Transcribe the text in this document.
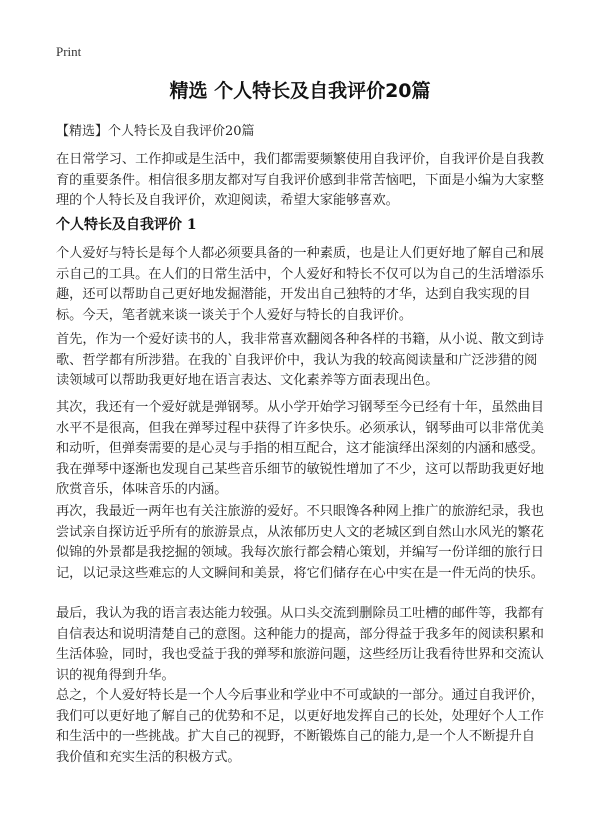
Print
精选 个人特长及自我评价20篇
【精选】个人特长及自我评价20篇

在日常学习、工作抑或是生活中，我们都需要频繁使用自我评价，自我评价是自我教育的重要条件。相信很多朋友都对写自我评价感到非常苦恼吧，下面是小编为大家整理的个人特长及自我评价，欢迎阅读，希望大家能够喜欢。

个人特长及自我评价 1

个人爱好与特长是每个人都必须要具备的一种素质，也是让人们更好地了解自己和展示自己的工具。在人们的日常生活中，个人爱好和特长不仅可以为自己的生活增添乐趣，还可以帮助自己更好地发掘潜能，开发出自己独特的才华，达到自我实现的目标。今天，笔者就来谈一谈关于个人爱好与特长的自我评价。

首先，作为一个爱好读书的人，我非常喜欢翻阅各种各样的书籍，从小说、散文到诗歌、哲学都有所涉猎。在我的`自我评价中，我认为我的较高阅读量和广泛涉猎的阅读领域可以帮助我更好地在语言表达、文化素养等方面表现出色。

其次，我还有一个爱好就是弹钢琴。从小学开始学习钢琴至今已经有十年，虽然曲目水平不是很高，但我在弹琴过程中获得了许多快乐。必须承认，钢琴曲可以非常优美和动听，但弹奏需要的是心灵与手指的相互配合，这才能演绎出深刻的内涵和感受。我在弹琴中逐渐也发现自己某些音乐细节的敏锐性增加了不少，这可以帮助我更好地欣赏音乐，体味音乐的内涵。

再次，我最近一两年也有关注旅游的爱好。不只眼馋各种网上推广的旅游纪录，我也尝试亲自探访近乎所有的旅游景点，从浓郁历史人文的老城区到自然山水风光的繁花似锦的外景都是我挖掘的领域。我每次旅行都会精心策划，并编写一份详细的旅行日记，以记录这些难忘的人文瞬间和美景，将它们储存在心中实在是一件无尚的快乐。

最后，我认为我的语言表达能力较强。从口头交流到删除员工吐槽的邮件等，我都有自信表达和说明清楚自己的意图。这种能力的提高，部分得益于我多年的阅读积累和生活体验，同时，我也受益于我的弹琴和旅游问题，这些经历让我看待世界和交流认识的视角得到升华。

总之，个人爱好特长是一个人今后事业和学业中不可或缺的一部分。通过自我评价，我们可以更好地了解自己的优势和不足，以更好地发挥自己的长处，处理好个人工作和生活中的一些挑战。扩大自己的视野，不断锻炼自己的能力,是一个人不断提升自我价值和充实生活的积极方式。
